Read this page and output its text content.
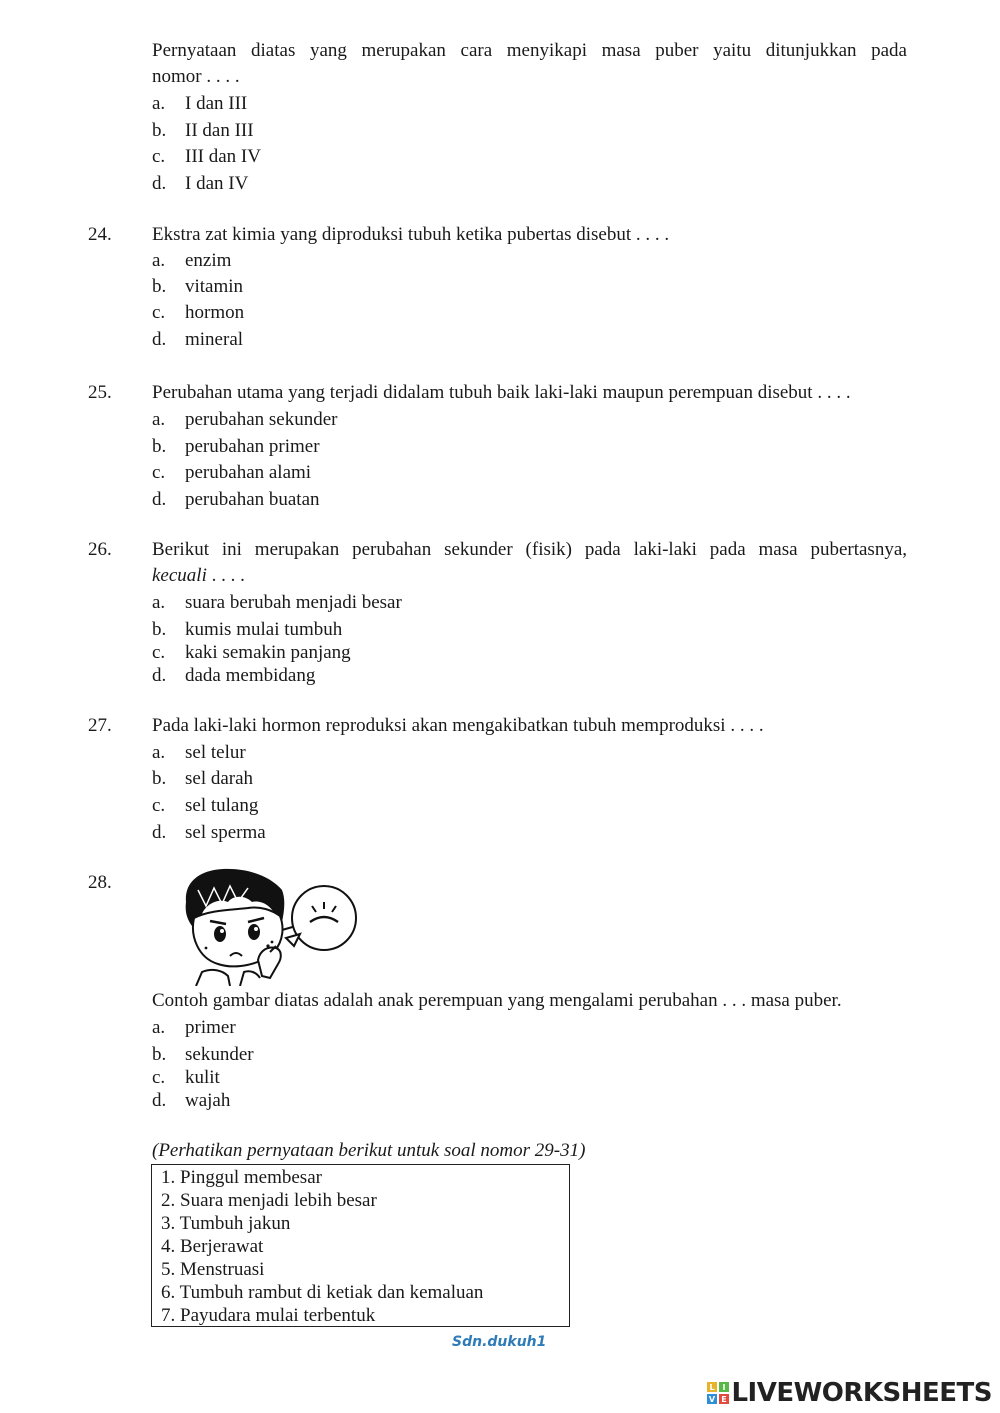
Pernyataan diatas yang merupakan cara menyikapi masa puber yaitu ditunjukkan pada
nomor . . . .
a. I dan III
b. II dan III
c. III dan IV
d. I dan IV
24. Ekstra zat kimia yang diproduksi tubuh ketika pubertas disebut . . . .
a. enzim
b. vitamin
c. hormon
d. mineral
25. Perubahan utama yang terjadi didalam tubuh baik laki-laki maupun perempuan disebut . . . .
a. perubahan sekunder
b. perubahan primer
c. perubahan alami
d. perubahan buatan
26. Berikut ini merupakan perubahan sekunder (fisik) pada laki-laki pada masa pubertasnya,
kecuali . . . .
a. suara berubah menjadi besar
b. kumis mulai tumbuh
c. kaki semakin panjang
d. dada membidang
27. Pada laki-laki hormon reproduksi akan mengakibatkan tubuh memproduksi . . . .
a. sel telur
b. sel darah
c. sel tulang
d. sel sperma
28.
Contoh gambar diatas adalah anak perempuan yang mengalami perubahan . . . masa puber.
a. primer
b. sekunder
c. kulit
d. wajah
(Perhatikan pernyataan berikut untuk soal nomor 29-31)
1. Pinggul membesar
2. Suara menjadi lebih besar
3. Tumbuh jakun
4. Berjerawat
5. Menstruasi
6. Tumbuh rambut di ketiak dan kemaluan
7. Payudara mulai terbentuk
Sdn.dukuh1
L I
V E LIVEWORKSHEETS
